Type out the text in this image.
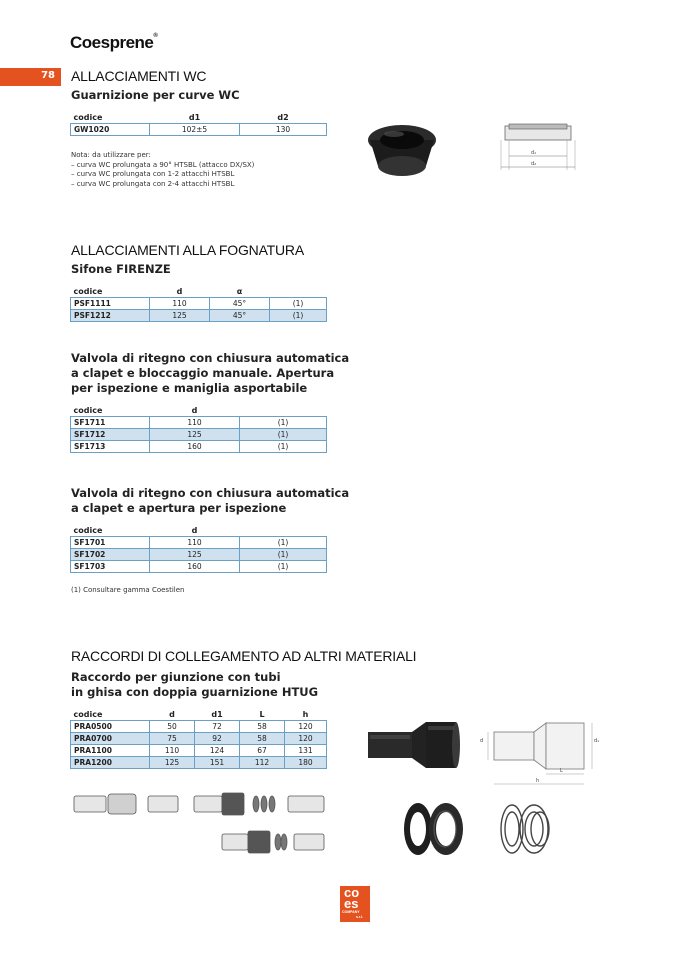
Coesprene®
78 ALLACCIAMENTI WC
Guarnizione per curve WC
codice	d1	d2
GW1020	102±5	130
Nota: da utilizzare per:
– curva WC prolungata a 90° HTSBL (attacco DX/SX)
– curva WC prolungata con 1-2 attacchi HTSBL
– curva WC prolungata con 2-4 attacchi HTSBL
d₁
d₂
ALLACCIAMENTI ALLA FOGNATURA
Sifone FIRENZE
codice	d	α	
PSF1111	110	45°	(1)
PSF1212	125	45°	(1)
Valvola di ritegno con chiusura automatica
a clapet e bloccaggio manuale. Apertura
per ispezione e maniglia asportabile
codice	d	
SF1711	110	(1)
SF1712	125	(1)
SF1713	160	(1)
Valvola di ritegno con chiusura automatica
a clapet e apertura per ispezione
codice	d	
SF1701	110	(1)
SF1702	125	(1)
SF1703	160	(1)
(1) Consultare gamma Coestilen
RACCORDI DI COLLEGAMENTO AD ALTRI MATERIALI
Raccordo per giunzione con tubi
in ghisa con doppia guarnizione HTUG
codice	d	d1	L	h
PRA0500	50	72	58	120
PRA0700	75	92	58	120
PRA1100	110	124	67	131
PRA1200	125	151	112	180
d	d₁
L
h
co
es
COMPANY
s.r.l.
